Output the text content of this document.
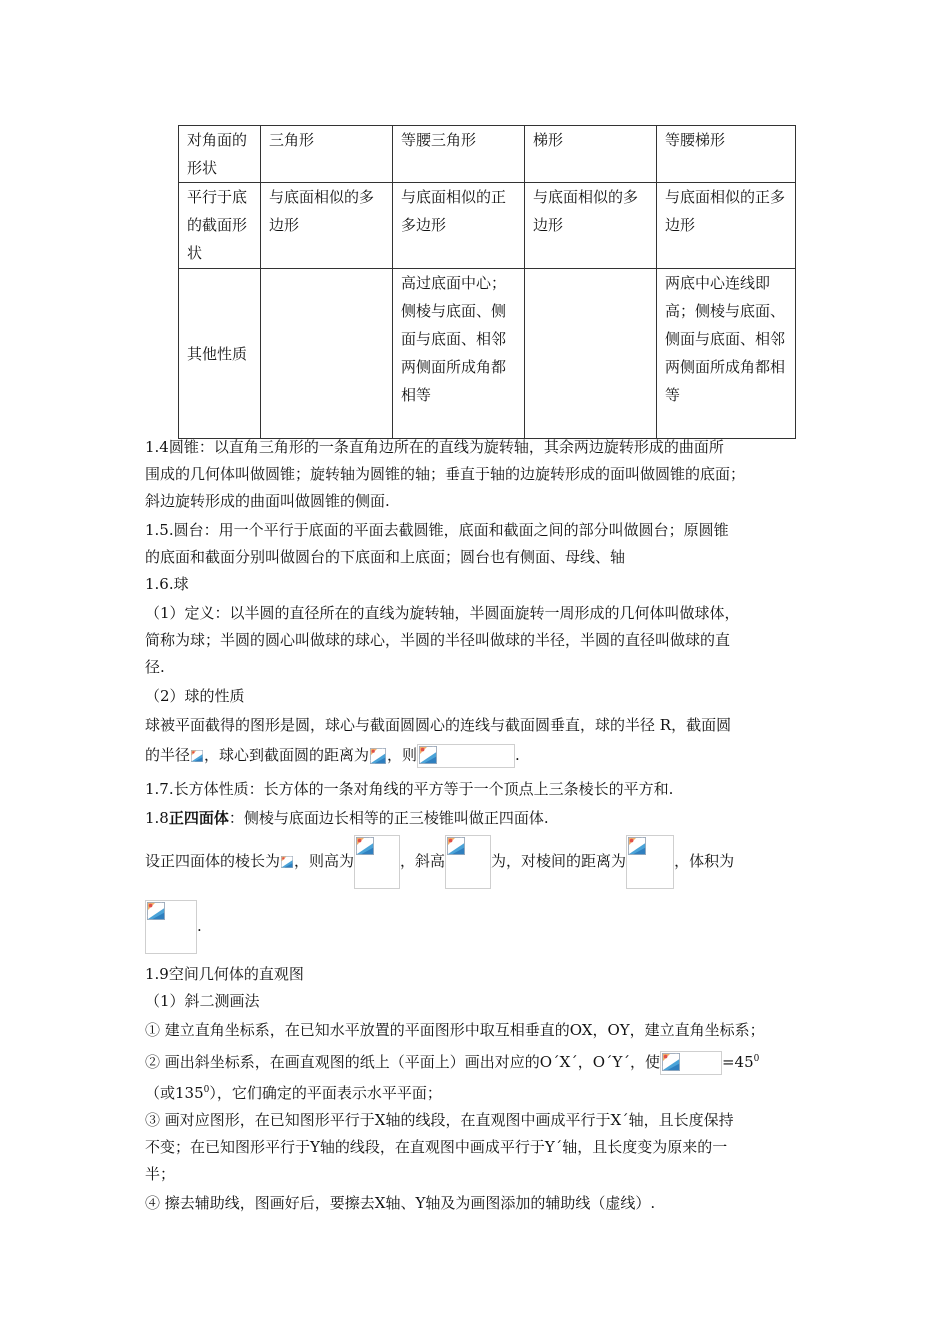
对角面的形状	三角形	等腰三角形	梯形	等腰梯形
平行于底的截面形状	与底面相似的多边形	与底面相似的正多边形	与底面相似的多边形	与底面相似的正多边形
其他性质		高过底面中心；侧棱与底面、侧面与底面、相邻两侧面所成角都相等		两底中心连线即高；侧棱与底面、侧面与底面、相邻两侧面所成角都相等
1.4圆锥：以直角三角形的一条直角边所在的直线为旋转轴，其余两边旋转形成的曲面所
围成的几何体叫做圆锥；旋转轴为圆锥的轴；垂直于轴的边旋转形成的面叫做圆锥的底面；
斜边旋转形成的曲面叫做圆锥的侧面.
1.5.圆台：用一个平行于底面的平面去截圆锥，底面和截面之间的部分叫做圆台；原圆锥
的底面和截面分别叫做圆台的下底面和上底面；圆台也有侧面、母线、轴
1.6.球
（1）定义：以半圆的直径所在的直线为旋转轴，半圆面旋转一周形成的几何体叫做球体，
简称为球；半圆的圆心叫做球的球心，半圆的半径叫做球的半径，半圆的直径叫做球的直
径.
（2）球的性质
球被平面截得的图形是圆，球心与截面圆圆心的连线与截面圆垂直，球的半径 R，截面圆
的半径 ，球心到截面圆的距离为 ，则	.
1.7.长方体性质：长方体的一条对角线的平方等于一个顶点上三条棱长的平方和.
1.8正四面体：侧棱与底面边长相等的正三棱锥叫做正四面体.
设正四面体的棱长为 ，则高为	，斜高	为，对棱间的距离为	，体积为
.
1.9空间几何体的直观图
（1）斜二测画法
① 建立直角坐标系，在已知水平放置的平面图形中取互相垂直的OX，OY，建立直角坐标系；
② 画出斜坐标系，在画直观图的纸上（平面上）画出对应的O΄X΄，O΄Y΄，使	$=45^0$
（或$135^0$），它们确定的平面表示水平平面；
③ 画对应图形，在已知图形平行于X轴的线段，在直观图中画成平行于X΄轴，且长度保持
不变；在已知图形平行于Y轴的线段，在直观图中画成平行于Y΄轴，且长度变为原来的一
半；
④ 擦去辅助线，图画好后，要擦去X轴、Y轴及为画图添加的辅助线（虚线）.
